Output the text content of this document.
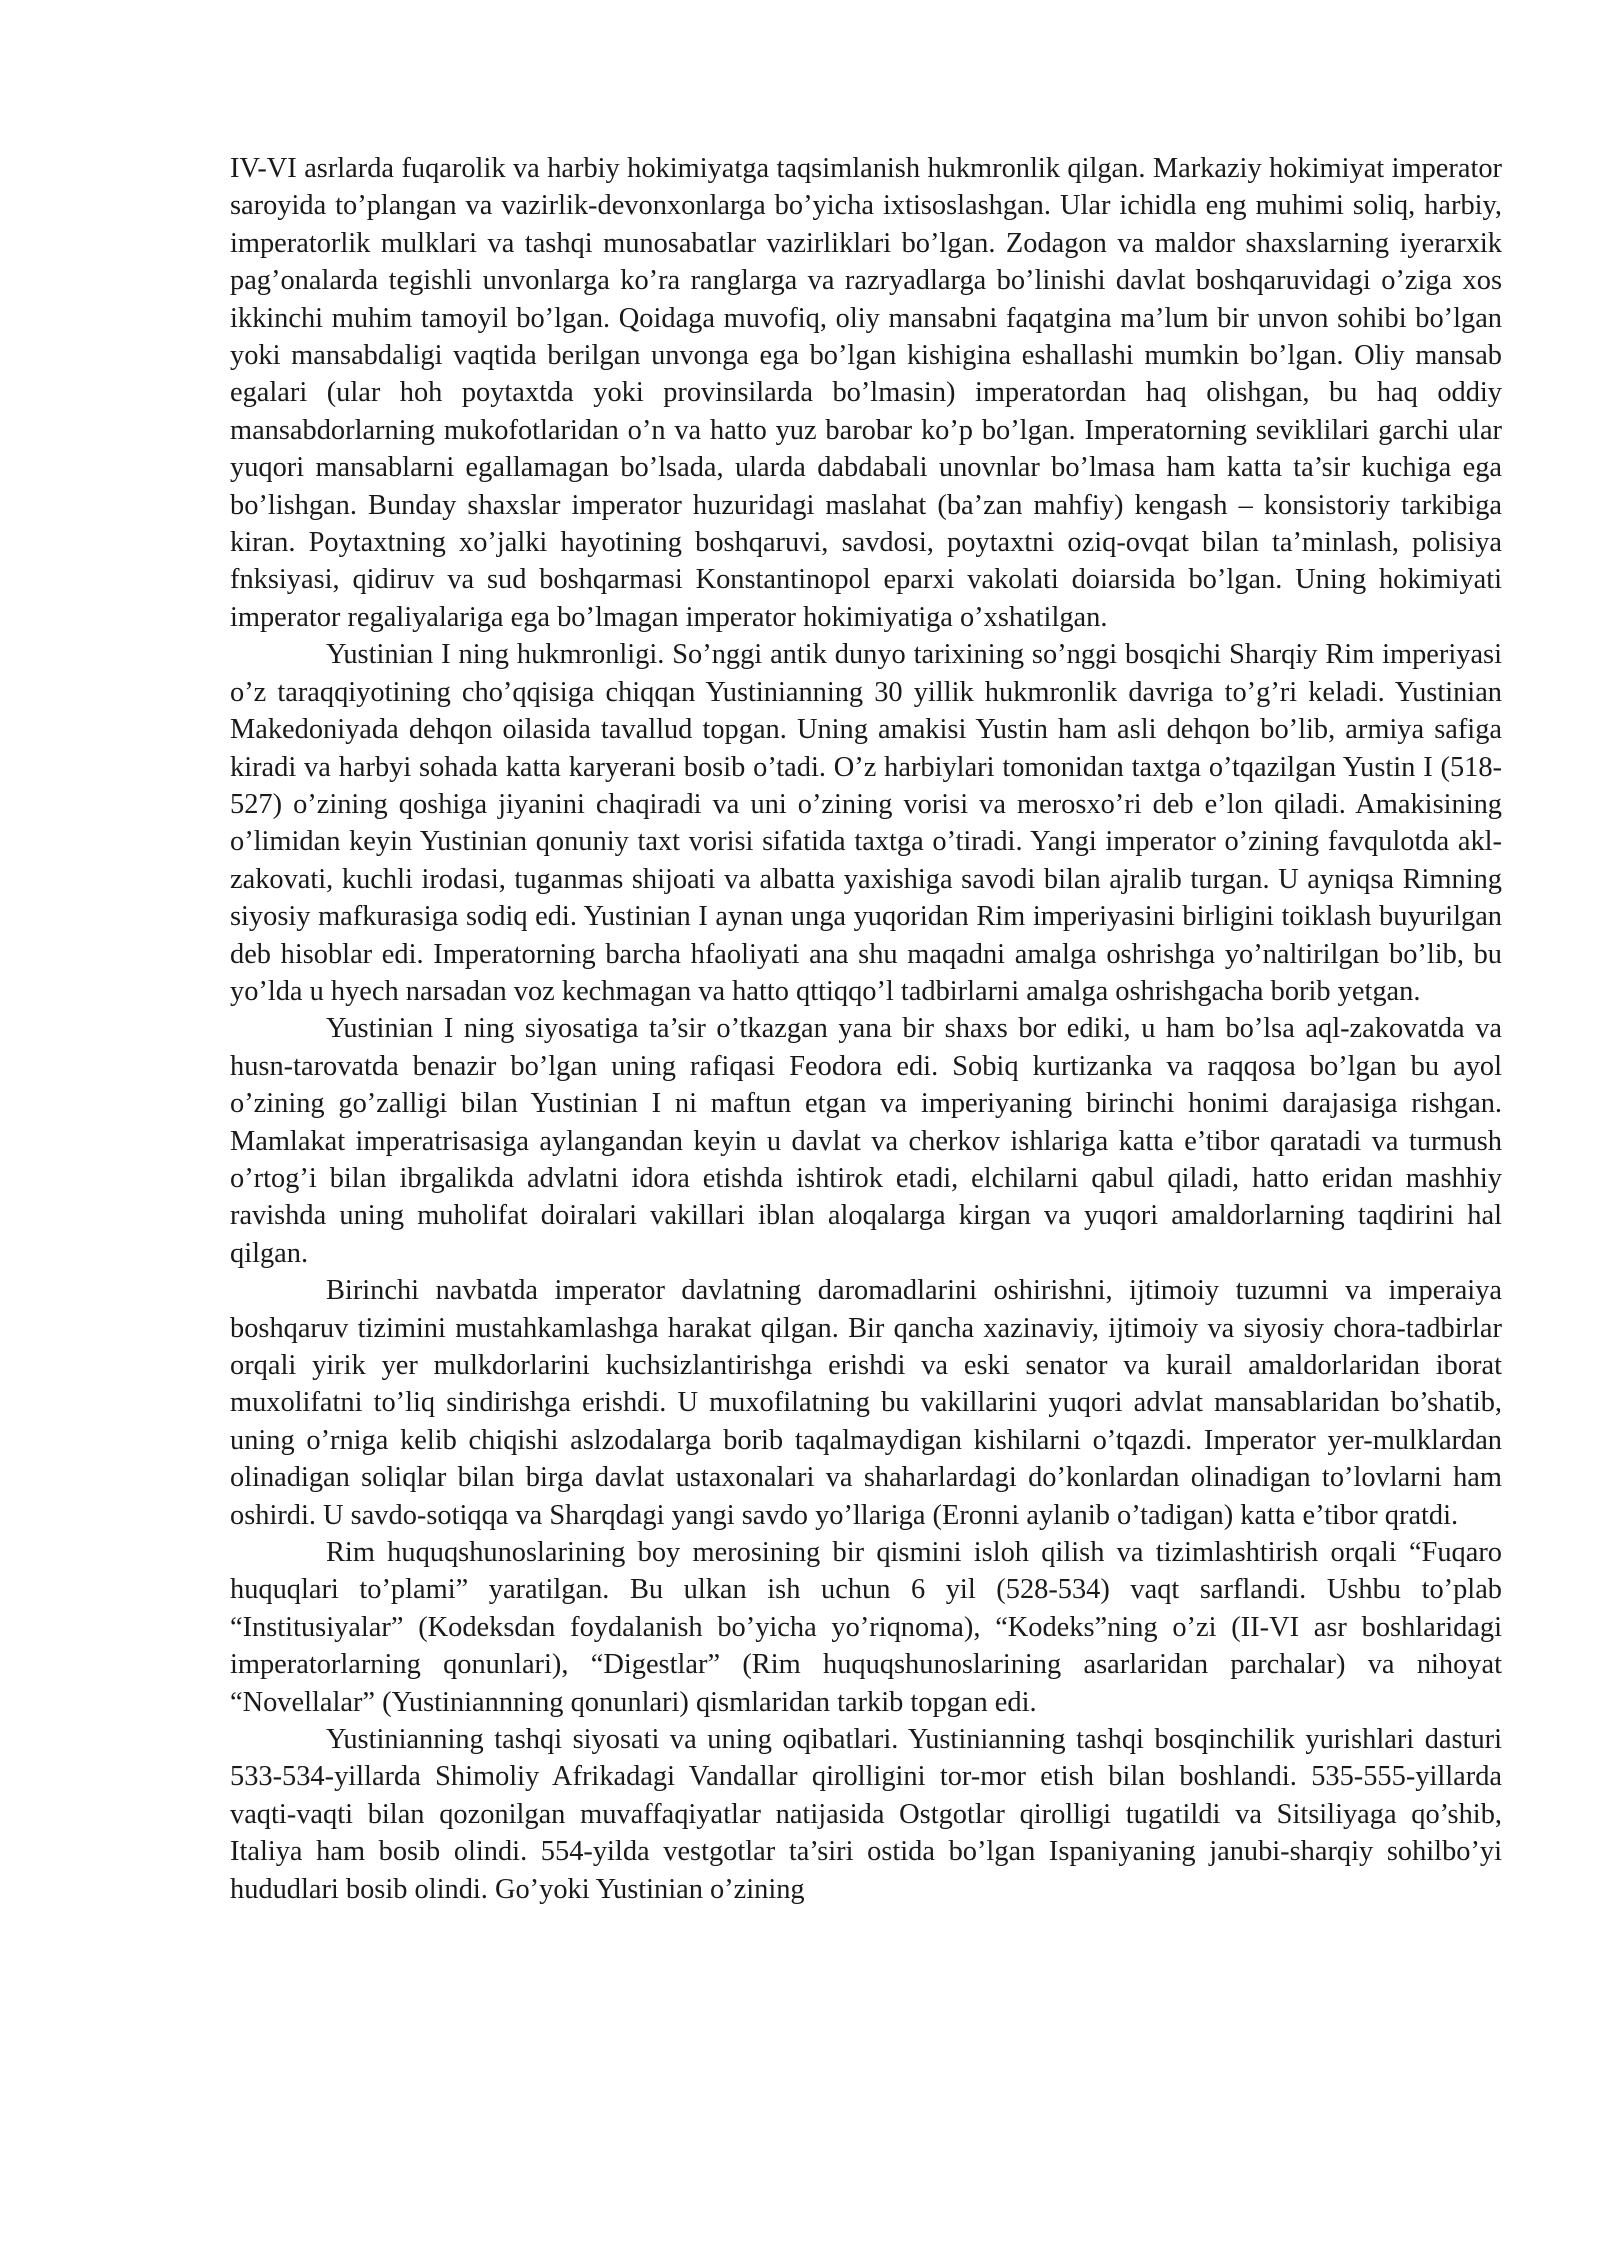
IV-VI asrlarda fuqarolik va harbiy hokimiyatga taqsimlanish hukmronlik qilgan. Markaziy hokimiyat imperator saroyida to’plangan va vazirlik-devonxonlarga bo’yicha ixtisoslashgan. Ular ichidla eng muhimi soliq, harbiy, imperatorlik mulklari va tashqi munosabatlar vazirliklari bo’lgan. Zodagon va maldor shaxslarning iyerarxik pag’onalarda tegishli unvonlarga ko’ra ranglarga va razryadlarga bo’linishi davlat boshqaruvidagi o’ziga xos ikkinchi muhim tamoyil bo’lgan. Qoidaga muvofiq, oliy mansabni faqatgina ma’lum bir unvon sohibi bo’lgan yoki mansabdaligi vaqtida berilgan unvonga ega bo’lgan kishigina eshallashi mumkin bo’lgan. Oliy mansab egalari (ular hoh poytaxtda yoki provinsilarda bo’lmasin) imperatordan haq olishgan, bu haq oddiy mansabdorlarning mukofotlaridan o’n va hatto yuz barobar ko’p bo’lgan. Imperatorning seviklilari garchi ular yuqori mansablarni egallamagan bo’lsada, ularda dabdabali unovnlar bo’lmasa ham katta ta’sir kuchiga ega bo’lishgan. Bunday shaxslar imperator huzuridagi maslahat (ba’zan mahfiy) kengash – konsistoriy tarkibiga kiran. Poytaxtning xo’jalki hayotining boshqaruvi, savdosi, poytaxtni oziq-ovqat bilan ta’minlash, polisiya fnksiyasi, qidiruv va sud boshqarmasi Konstantinopol eparxi vakolati doiarsida bo’lgan. Uning hokimiyati imperator regaliyalariga ega bo’lmagan imperator hokimiyatiga o’xshatilgan.

Yustinian I ning hukmronligi. So’nggi antik dunyo tarixining so’nggi bosqichi Sharqiy Rim imperiyasi o’z taraqqiyotining cho’qqisiga chiqqan Yustinianning 30 yillik hukmronlik davriga to’g’ri keladi. Yustinian Makedoniyada dehqon oilasida tavallud topgan. Uning amakisi Yustin ham asli dehqon bo’lib, armiya safiga kiradi va harbyi sohada katta karyerani bosib o’tadi. O’z harbiylari tomonidan taxtga o’tqazilgan Yustin I (518-527) o’zining qoshiga jiyanini chaqiradi va uni o’zining vorisi va merosxo’ri deb e’lon qiladi. Amakisining o’limidan keyin Yustinian qonuniy taxt vorisi sifatida taxtga o’tiradi. Yangi imperator o’zining favqulotda akl-zakovati, kuchli irodasi, tuganmas shijoati va albatta yaxishiga savodi bilan ajralib turgan. U ayniqsa Rimning siyosiy mafkurasiga sodiq edi. Yustinian I aynan unga yuqoridan Rim imperiyasini birligini toiklash buyurilgan deb hisoblar edi. Imperatorning barcha hfaoliyati ana shu maqadni amalga oshrishga yo’naltirilgan bo’lib, bu yo’lda u hyech narsadan voz kechmagan va hatto qttiqqo’l tadbirlarni amalga oshrishgacha borib yetgan.

Yustinian I ning siyosatiga ta’sir o’tkazgan yana bir shaxs bor ediki, u ham bo’lsa aql-zakovatda va husn-tarovatda benazir bo’lgan uning rafiqasi Feodora edi. Sobiq kurtizanka va raqqosa bo’lgan bu ayol o’zining go’zalligi bilan Yustinian I ni maftun etgan va imperiyaning birinchi honimi darajasiga rishgan. Mamlakat imperatrisasiga aylangandan keyin u davlat va cherkov ishlariga katta e’tibor qaratadi va turmush o’rtog’i bilan ibrgalikda advlatni idora etishda ishtirok etadi, elchilarni qabul qiladi, hatto eridan mashhiy ravishda uning muholifat doiralari vakillari iblan aloqalarga kirgan va yuqori amaldorlarning taqdirini hal qilgan.

Birinchi navbatda imperator davlatning daromadlarini oshirishni, ijtimoiy tuzumni va imperaiya boshqaruv tizimini mustahkamlashga harakat qilgan. Bir qancha xazinaviy, ijtimoiy va siyosiy chora-tadbirlar orqali yirik yer mulkdorlarini kuchsizlantirishga erishdi va eski senator va kurail amaldorlaridan iborat muxolifatni to’liq sindirishga erishdi. U muxofilatning bu vakillarini yuqori advlat mansablaridan bo’shatib, uning o’rniga kelib chiqishi aslzodalarga borib taqalmaydigan kishilarni o’tqazdi. Imperator yer-mulklardan olinadigan soliqlar bilan birga davlat ustaxonalari va shaharlardagi do’konlardan olinadigan to’lovlarni ham oshirdi. U savdo-sotiqqa va Sharqdagi yangi savdo yo’llariga (Eronni aylanib o’tadigan) katta e’tibor qratdi.

Rim huquqshunoslarining boy merosining bir qismini isloh qilish va tizimlashtirish orqali “Fuqaro huquqlari to’plami” yaratilgan. Bu ulkan ish uchun 6 yil (528-534) vaqt sarflandi. Ushbu to’plab “Institusiyalar” (Kodeksdan foydalanish bo’yicha yo’riqnoma), “Kodeks”ning o’zi (II-VI asr boshlaridagi imperatorlarning qonunlari), “Digestlar” (Rim huquqshunoslarining asarlaridan parchalar) va nihoyat “Novellalar” (Yustiniannning qonunlari) qismlaridan tarkib topgan edi.

Yustinianning tashqi siyosati va uning oqibatlari. Yustinianning tashqi bosqinchilik yurishlari dasturi 533-534-yillarda Shimoliy Afrikadagi Vandallar qirolligini tor-mor etish bilan boshlandi. 535-555-yillarda vaqti-vaqti bilan qozonilgan muvaffaqiyatlar natijasida Ostgotlar qirolligi tugatildi va Sitsiliyaga qo’shib, Italiya ham bosib olindi. 554-yilda vestgotlar ta’siri ostida bo’lgan Ispaniyaning janubi-sharqiy sohilbo’yi hududlari bosib olindi. Go’yoki Yustinian o’zining
